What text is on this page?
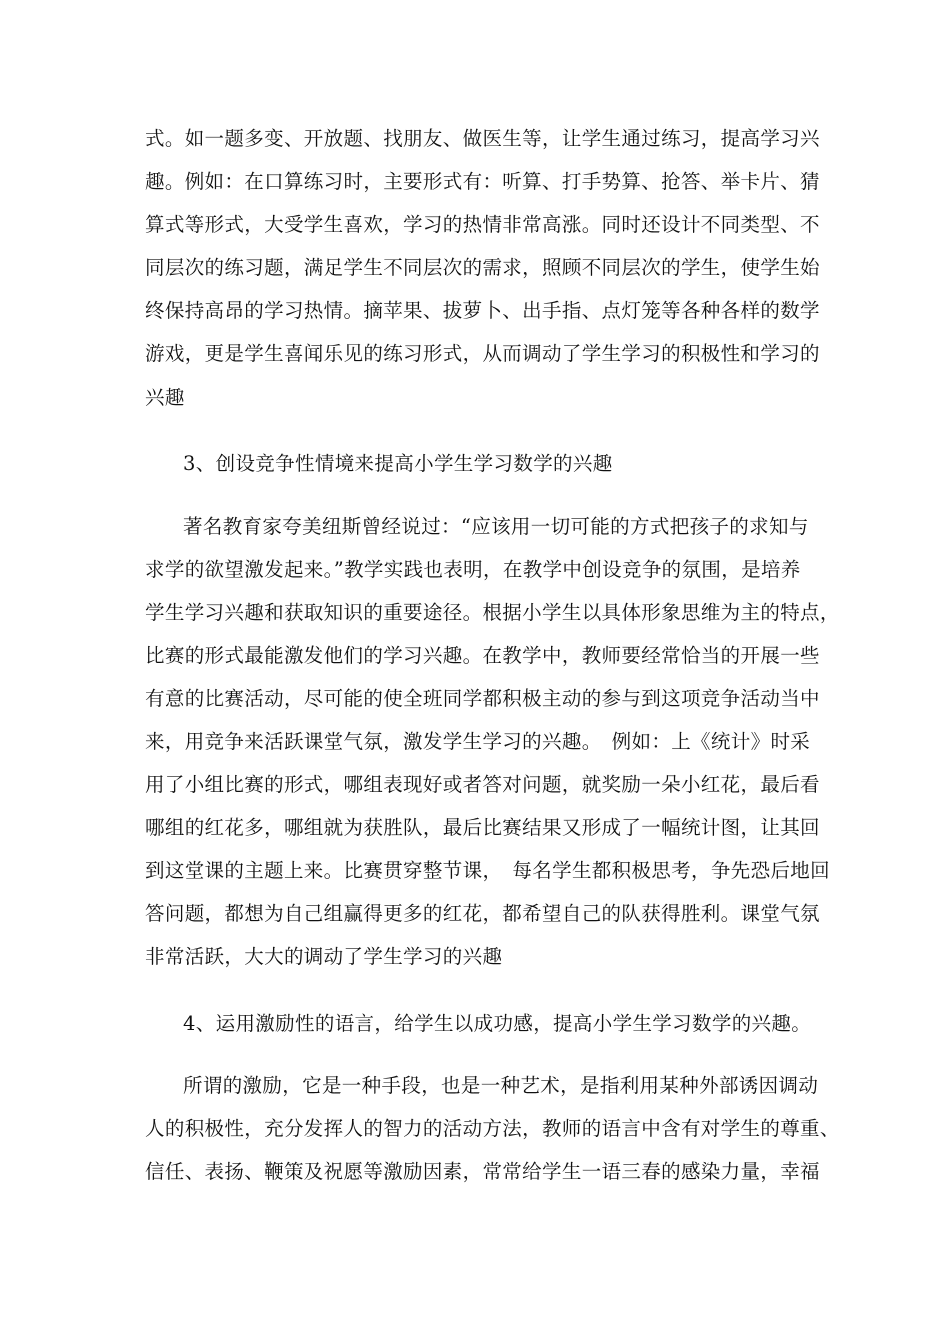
式。如一题多变、开放题、找朋友、做医生等，让学生通过练习，提高学习兴
趣。例如：在口算练习时，主要形式有：听算、打手势算、抢答、举卡片、猜
算式等形式，大受学生喜欢，学习的热情非常高涨。同时还设计不同类型、不
同层次的练习题，满足学生不同层次的需求，照顾不同层次的学生，使学生始
终保持高昂的学习热情。摘苹果、拔萝卜、出手指、点灯笼等各种各样的数学
游戏，更是学生喜闻乐见的练习形式，从而调动了学生学习的积极性和学习的
兴趣
3、创设竞争性情境来提高小学生学习数学的兴趣
著名教育家夸美纽斯曾经说过：“应该用一切可能的方式把孩子的求知与
求学的欲望激发起来。”教学实践也表明，在教学中创设竞争的氛围，是培养
学生学习兴趣和获取知识的重要途径。根据小学生以具体形象思维为主的特点，
比赛的形式最能激发他们的学习兴趣。在教学中，教师要经常恰当的开展一些
有意的比赛活动，尽可能的使全班同学都积极主动的参与到这项竞争活动当中
来，用竞争来活跃课堂气氛，激发学生学习的兴趣。　例如：上《统计》时采
用了小组比赛的形式，哪组表现好或者答对问题，就奖励一朵小红花，最后看
哪组的红花多，哪组就为获胜队，最后比赛结果又形成了一幅统计图，让其回
到这堂课的主题上来。比赛贯穿整节课，　每名学生都积极思考，争先恐后地回
答问题，都想为自己组赢得更多的红花，都希望自己的队获得胜利。课堂气氛
非常活跃，大大的调动了学生学习的兴趣
4、运用激励性的语言，给学生以成功感，提高小学生学习数学的兴趣。
所谓的激励，它是一种手段，也是一种艺术，是指利用某种外部诱因调动
人的积极性，充分发挥人的智力的活动方法，教师的语言中含有对学生的尊重、
信任、表扬、鞭策及祝愿等激励因素，常常给学生一语三春的感染力量，幸福
